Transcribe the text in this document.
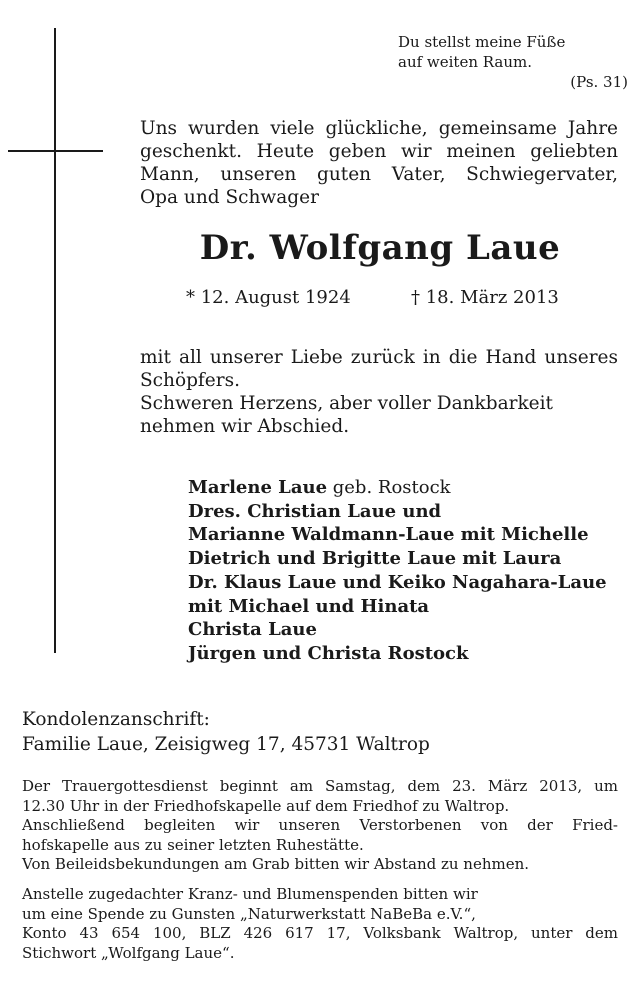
Du stellst meine Füße
auf weiten Raum.
(Ps. 31)
Uns wurden viele glückliche, gemeinsame Jahre
geschenkt. Heute geben wir meinen geliebten
Mann, unseren guten Vater, Schwiegervater,
Opa und Schwager
Dr. Wolfgang Laue
* 12. August 1924	† 18. März 2013
mit all unserer Liebe zurück in die Hand unseres
Schöpfers.
Schweren Herzens, aber voller Dankbarkeit
nehmen wir Abschied.
Marlene Laue geb. Rostock
Dres. Christian Laue und
Marianne Waldmann-Laue mit Michelle
Dietrich und Brigitte Laue mit Laura
Dr. Klaus Laue und Keiko Nagahara-Laue
mit Michael und Hinata
Christa Laue
Jürgen und Christa Rostock
Kondolenzanschrift:
Familie Laue, Zeisigweg 17, 45731 Waltrop
Der Trauergottesdienst beginnt am Samstag, dem 23. März 2013, um
12.30 Uhr in der Friedhofskapelle auf dem Friedhof zu Waltrop.
Anschließend begleiten wir unseren Verstorbenen von der Fried-
hofskapelle aus zu seiner letzten Ruhestätte.
Von Beileidsbekundungen am Grab bitten wir Abstand zu nehmen.
Anstelle zugedachter Kranz- und Blumenspenden bitten wir
um eine Spende zu Gunsten „Naturwerkstatt NaBeBa e.V.“,
Konto 43 654 100, BLZ 426 617 17, Volksbank Waltrop, unter dem
Stichwort „Wolfgang Laue“.
